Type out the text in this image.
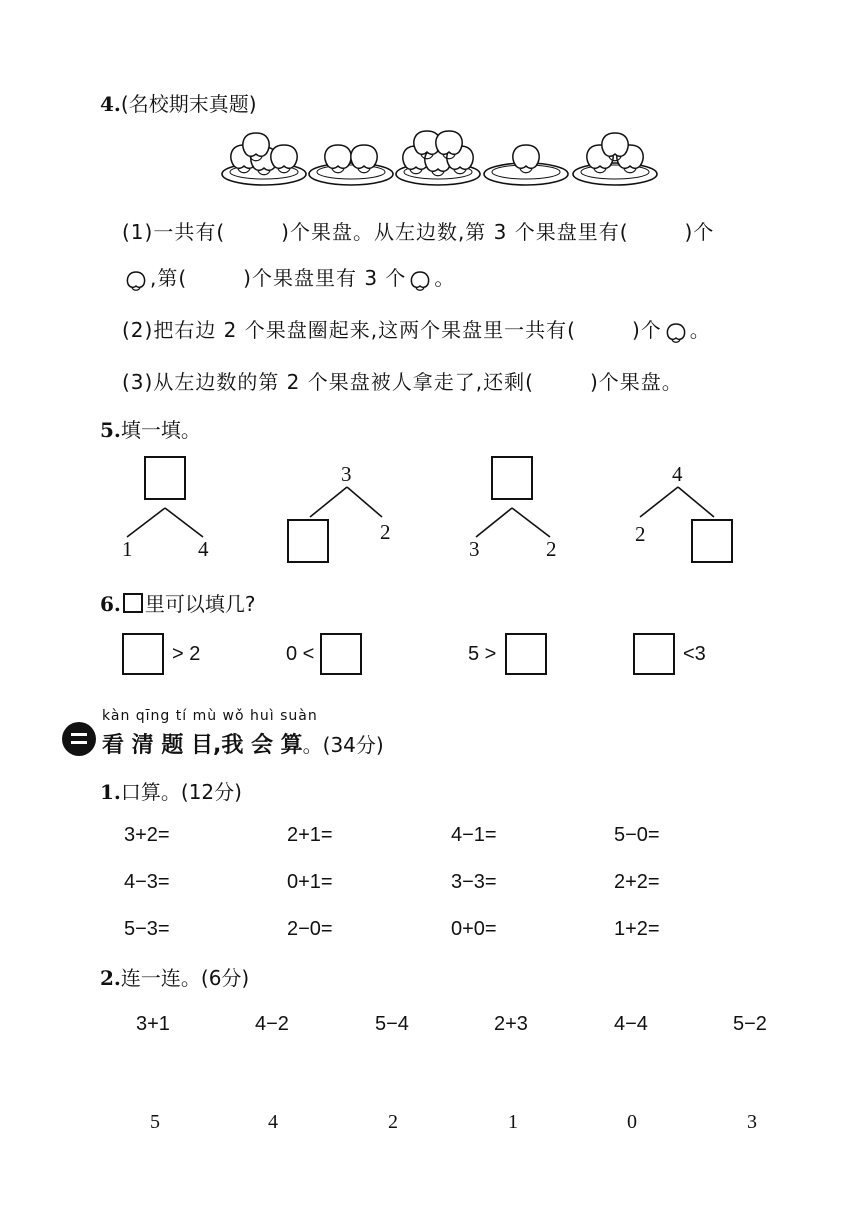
4.(名校期末真题)
(1)一共有(	)个果盘。从左边数,第 3 个果盘里有(	)个
,第(	)个果盘里有 3 个 。
(2)把右边 2 个果盘圈起来,这两个果盘里一共有(	)个 。
(3)从左边数的第 2 个果盘被人拿走了,还剩(	)个果盘。
5.填一填。
1	4
3
2
3	2
4
2
6. 里可以填几?
> 2	0 <	5 >	<3
kàn qīng tí mù wǒ huì suàn
看 清 题 目,我 会 算。(34分)
1.口算。(12分)
3+2=	2+1=	4−1=	5−0=
4−3=	0+1=	3−3=	2+2=
5−3=	2−0=	0+0=	1+2=
2.连一连。(6分)
3+1	4−2	5−4	2+3	4−4	5−2
5	4	2	1	0	3
